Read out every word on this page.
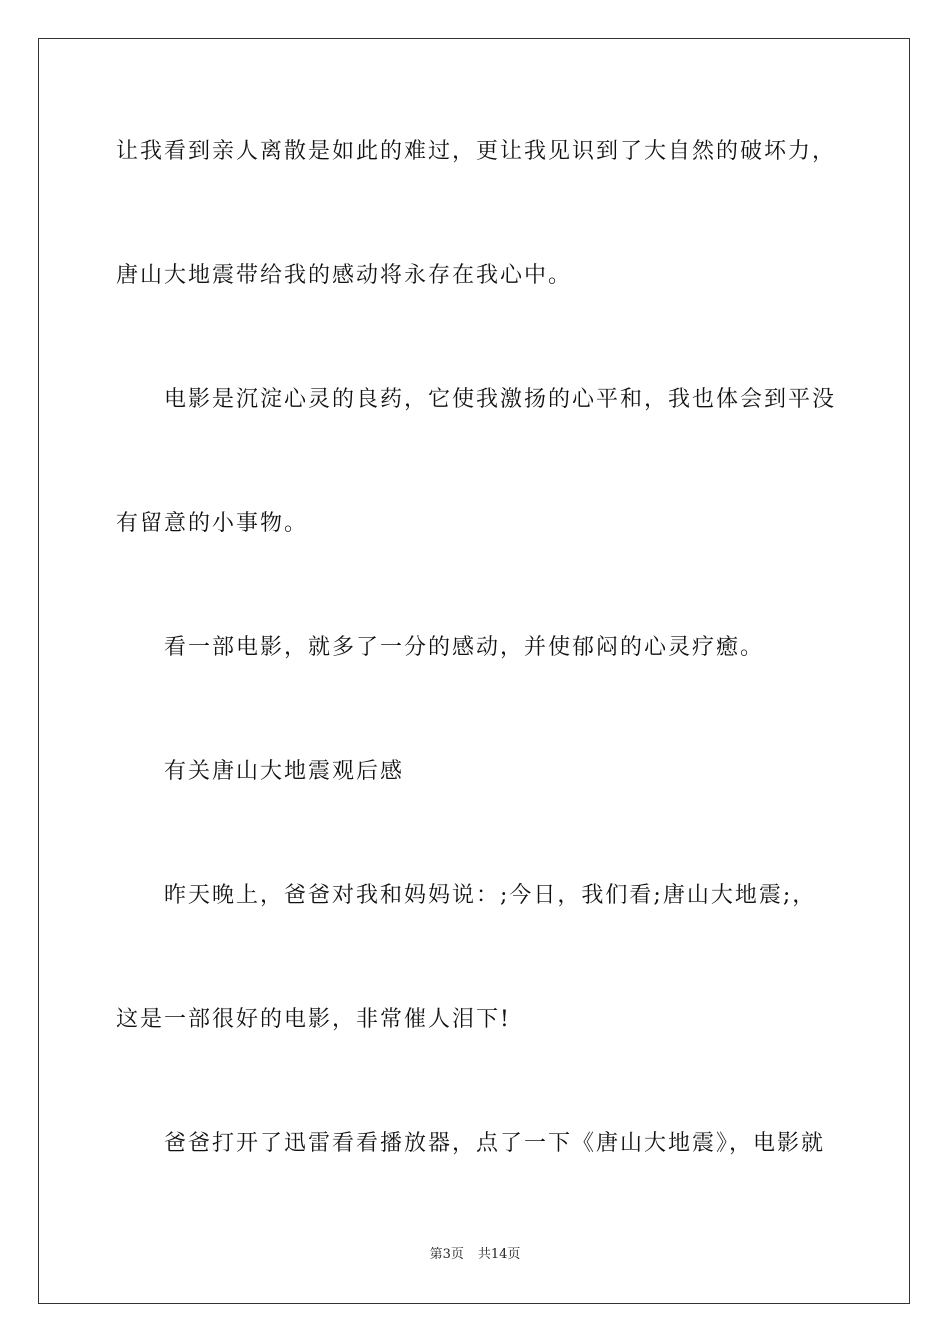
让我看到亲人离散是如此的难过，更让我见识到了大自然的破坏力，
唐山大地震带给我的感动将永存在我心中。
电影是沉淀心灵的良药，它使我激扬的心平和，我也体会到平没
有留意的小事物。
看一部电影，就多了一分的感动，并使郁闷的心灵疗癒。
有关唐山大地震观后感
昨天晚上，爸爸对我和妈妈说：;今日，我们看;唐山大地震;，
这是一部很好的电影，非常催人泪下!
爸爸打开了迅雷看看播放器，点了一下《唐山大地震》，电影就
第3页 共14页
